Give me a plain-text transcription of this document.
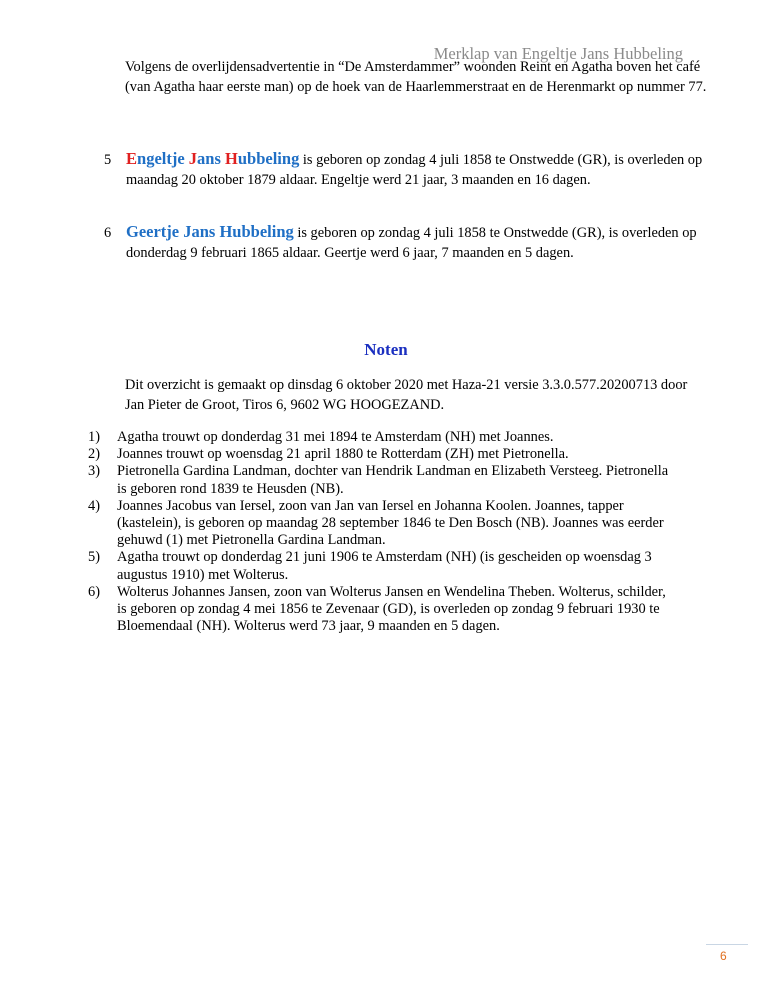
Merklap van Engeltje Jans Hubbeling

Volgens de overlijdensadvertentie in “De Amsterdammer” woonden Reint en Agatha boven het café (van Agatha haar eerste man) op de hoek van de Haarlemmerstraat en de Herenmarkt op nummer 77.

5 Engeltje Jans Hubbeling is geboren op zondag 4 juli 1858 te Onstwedde (GR), is overleden op maandag 20 oktober 1879 aldaar. Engeltje werd 21 jaar, 3 maanden en 16 dagen.
6 Geertje Jans Hubbeling is geboren op zondag 4 juli 1858 te Onstwedde (GR), is overleden op donderdag 9 februari 1865 aldaar. Geertje werd 6 jaar, 7 maanden en 5 dagen.
Noten

Dit overzicht is gemaakt op dinsdag 6 oktober 2020 met Haza-21 versie 3.3.0.577.20200713 door Jan Pieter de Groot, Tiros 6, 9602 WG HOOGEZAND.

1) Agatha trouwt op donderdag 31 mei 1894 te Amsterdam (NH) met Joannes.
2) Joannes trouwt op woensdag 21 april 1880 te Rotterdam (ZH) met Pietronella.
3) Pietronella Gardina Landman, dochter van Hendrik Landman en Elizabeth Versteeg. Pietronella is geboren rond 1839 te Heusden (NB).
4) Joannes Jacobus van Iersel, zoon van Jan van Iersel en Johanna Koolen. Joannes, tapper (kastelein), is geboren op maandag 28 september 1846 te Den Bosch (NB). Joannes was eerder gehuwd (1) met Pietronella Gardina Landman.
5) Agatha trouwt op donderdag 21 juni 1906 te Amsterdam (NH) (is gescheiden op woensdag 3 augustus 1910) met Wolterus.
6) Wolterus Johannes Jansen, zoon van Wolterus Jansen en Wendelina Theben. Wolterus, schilder, is geboren op zondag 4 mei 1856 te Zevenaar (GD), is overleden op zondag 9 februari 1930 te Bloemendaal (NH). Wolterus werd 73 jaar, 9 maanden en 5 dagen.
6
